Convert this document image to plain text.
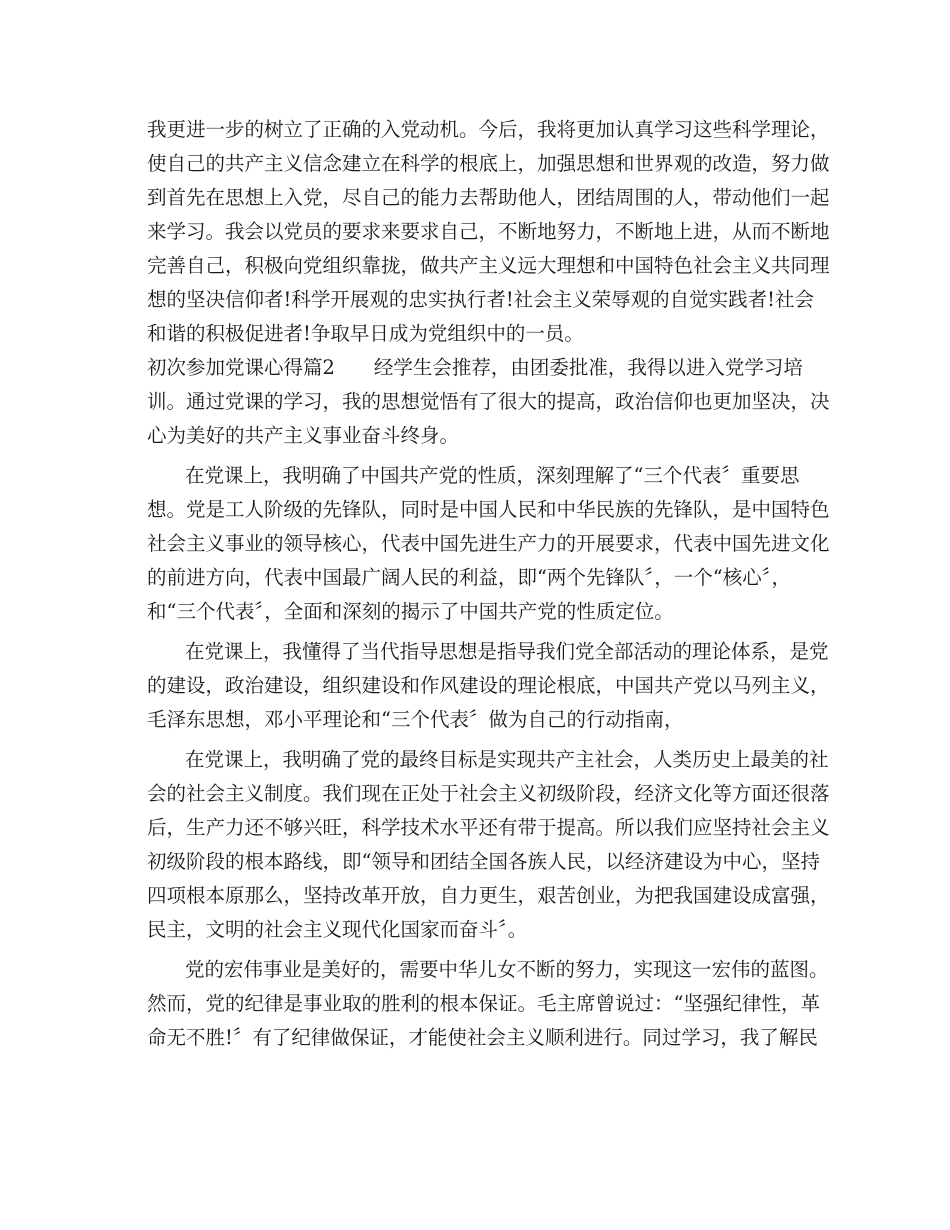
我更进一步的树立了正确的入党动机。今后，我将更加认真学习这些科学理论，

使自己的共产主义信念建立在科学的根底上，加强思想和世界观的改造，努力做

到首先在思想上入党，尽自己的能力去帮助他人，团结周围的人，带动他们一起

来学习。我会以党员的要求来要求自己，不断地努力，不断地上进，从而不断地

完善自己，积极向党组织靠拢，做共产主义远大理想和中国特色社会主义共同理

想的坚决信仰者!科学开展观的忠实执行者!社会主义荣辱观的自觉实践者!社会

和谐的积极促进者!争取早日成为党组织中的一员。

初次参加党课心得篇2　　经学生会推荐，由团委批准，我得以进入党学习培

训。通过党课的学习，我的思想觉悟有了很大的提高，政治信仰也更加坚决，决

心为美好的共产主义事业奋斗终身。

在党课上，我明确了中国共产党的性质，深刻理解了“三个代表〞重要思

想。党是工人阶级的先锋队，同时是中国人民和中华民族的先锋队，是中国特色

社会主义事业的领导核心，代表中国先进生产力的开展要求，代表中国先进文化

的前进方向，代表中国最广阔人民的利益，即“两个先锋队〞，一个“核心〞，

和“三个代表〞，全面和深刻的揭示了中国共产党的性质定位。

在党课上，我懂得了当代指导思想是指导我们党全部活动的理论体系，是党

的建设，政治建设，组织建设和作风建设的理论根底，中国共产党以马列主义，

毛泽东思想，邓小平理论和“三个代表〞做为自己的行动指南，

在党课上，我明确了党的最终目标是实现共产主社会，人类历史上最美的社

会的社会主义制度。我们现在正处于社会主义初级阶段，经济文化等方面还很落

后，生产力还不够兴旺，科学技术水平还有带于提高。所以我们应坚持社会主义

初级阶段的根本路线，即“领导和团结全国各族人民，以经济建设为中心，坚持

四项根本原那么，坚持改革开放，自力更生，艰苦创业，为把我国建设成富强，

民主，文明的社会主义现代化国家而奋斗〞。

党的宏伟事业是美好的，需要中华儿女不断的努力，实现这一宏伟的蓝图。

然而，党的纪律是事业取的胜利的根本保证。毛主席曾说过：“坚强纪律性，革

命无不胜!〞有了纪律做保证，才能使社会主义顺利进行。同过学习，我了解民
